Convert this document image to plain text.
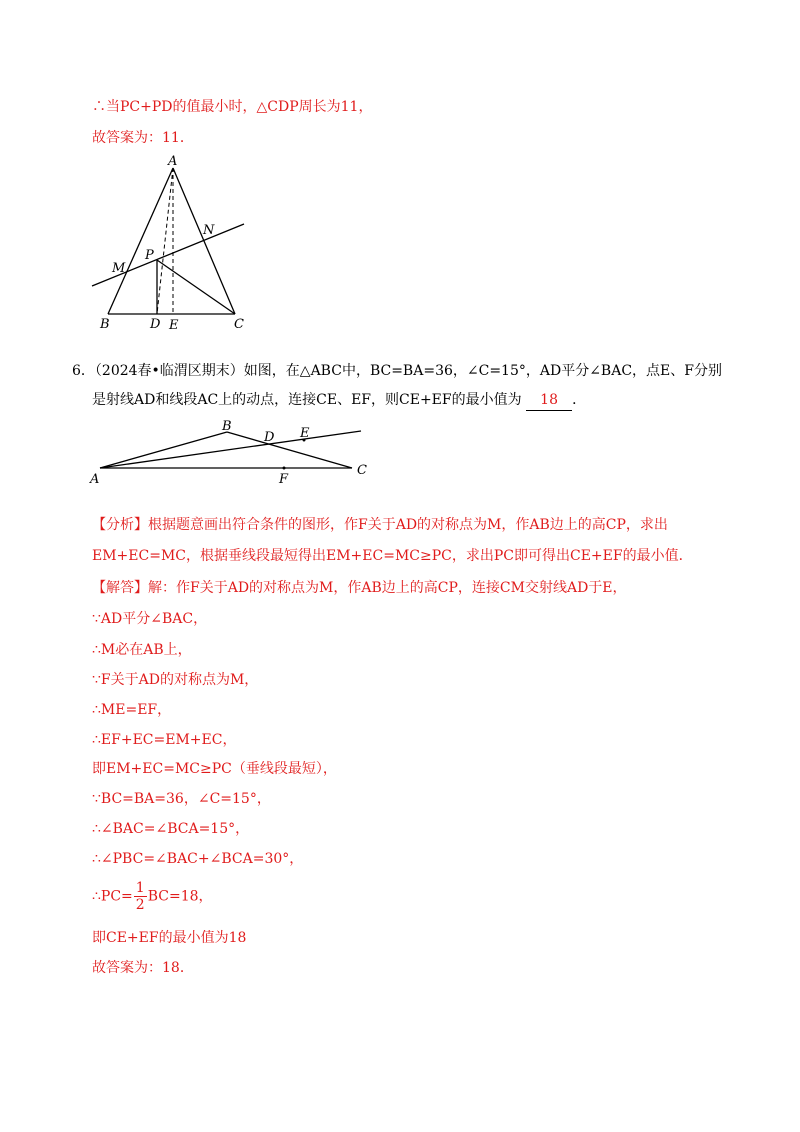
∴当PC+PD的值最小时，△CDP周长为11，
故答案为：11．
A
N
M
P
B	D E	C
6．（2024春•临渭区期末）如图，在△ABC中，BC=BA=36，∠C=15°，AD平分∠BAC，点E、F分别
是射线AD和线段AC上的动点，连接CE、EF，则CE+EF的最小值为 18 ．
A
B
D E
F
C
【分析】根据题意画出符合条件的图形，作F关于AD的对称点为M，作AB边上的高CP，求出
EM+EC=MC，根据垂线段最短得出EM+EC=MC≥PC，求出PC即可得出CE+EF的最小值．
【解答】解：作F关于AD的对称点为M，作AB边上的高CP，连接CM交射线AD于E，
∵AD平分∠BAC，
∴M必在AB上，
∵F关于AD的对称点为M，
∴ME=EF，
∴EF+EC=EM+EC，
即EM+EC=MC≥PC（垂线段最短），
∵BC=BA=36，∠C=15°，
∴∠BAC=∠BCA=15°，
∴∠PBC=∠BAC+∠BCA=30°，
∴PC= $\frac{1}{2} BC=18$，
即CE+EF的最小值为18
故答案为：18．
